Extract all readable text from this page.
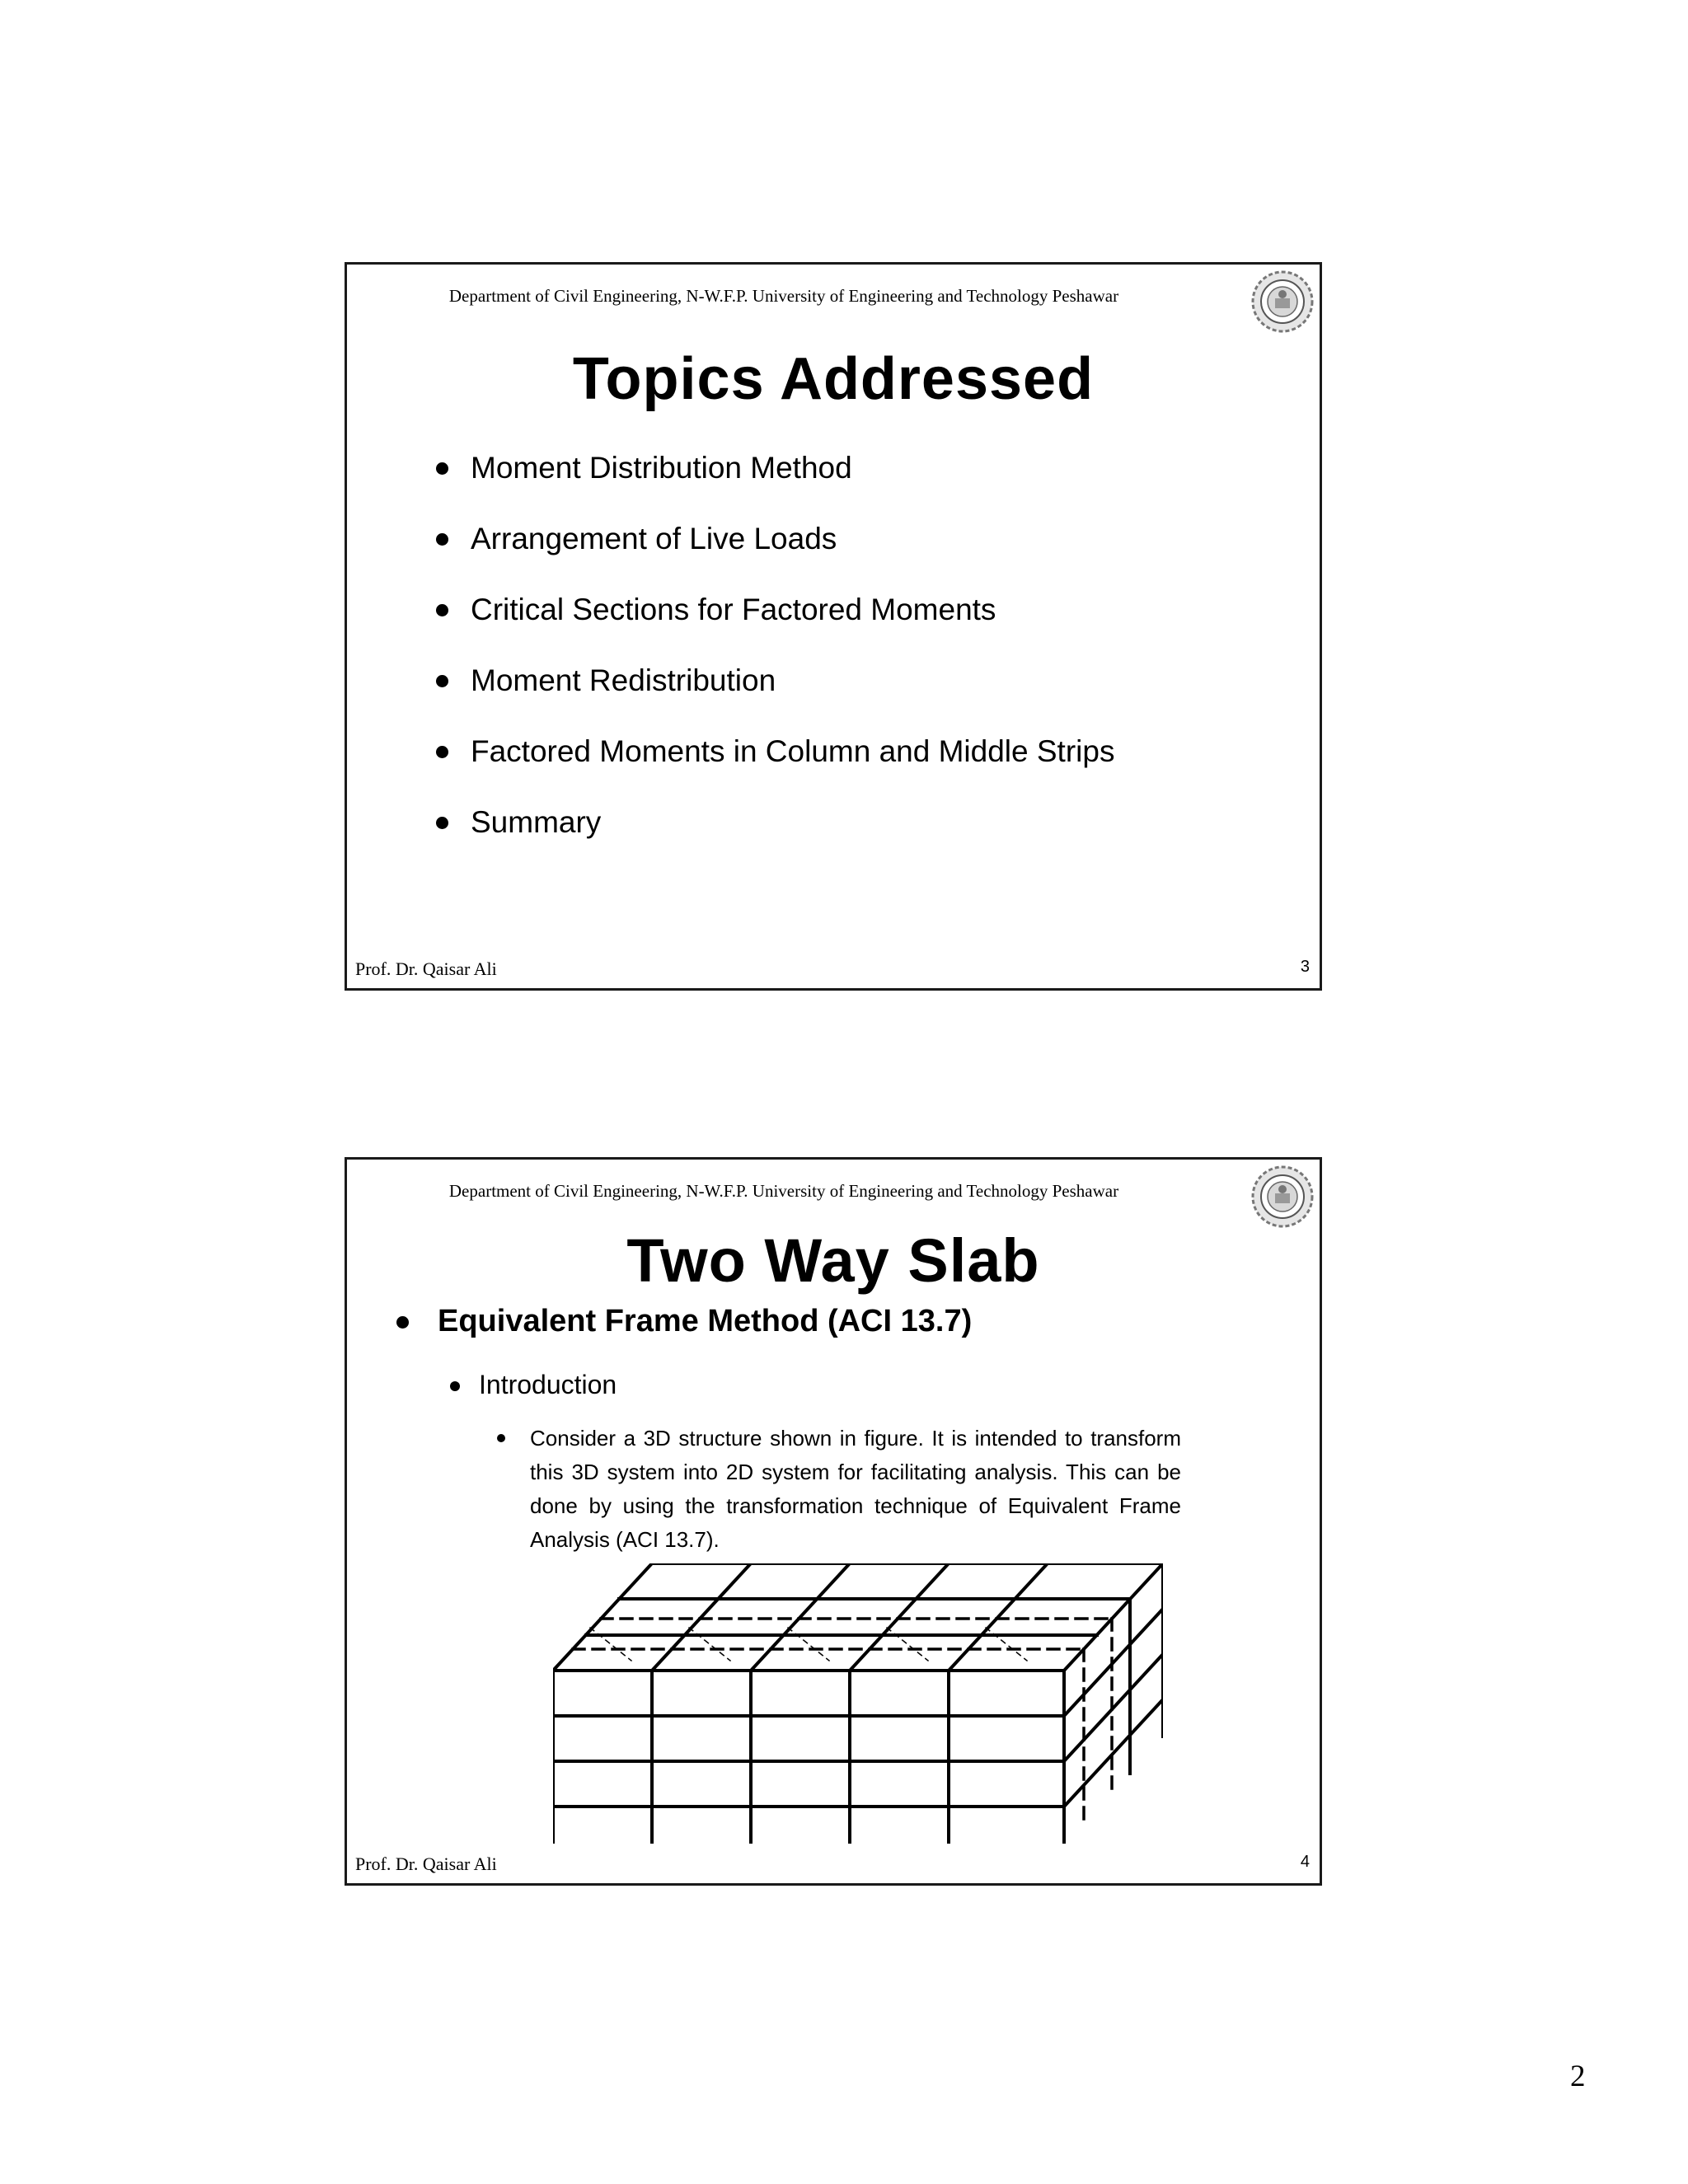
Department of Civil Engineering, N-W.F.P. University of Engineering and Technology Peshawar
Topics Addressed
Moment Distribution Method
Arrangement of Live Loads
Critical Sections for Factored Moments
Moment Redistribution
Factored Moments in Column and Middle Strips
Summary
Prof. Dr. Qaisar Ali	3
Department of Civil Engineering, N-W.F.P. University of Engineering and Technology Peshawar
Two Way Slab
Equivalent Frame Method (ACI 13.7)
Introduction
Consider a 3D structure shown in figure. It is intended to transform this 3D system into 2D system for facilitating analysis. This can be done by using the transformation technique of Equivalent Frame Analysis (ACI 13.7).
Prof. Dr. Qaisar Ali	4
2
